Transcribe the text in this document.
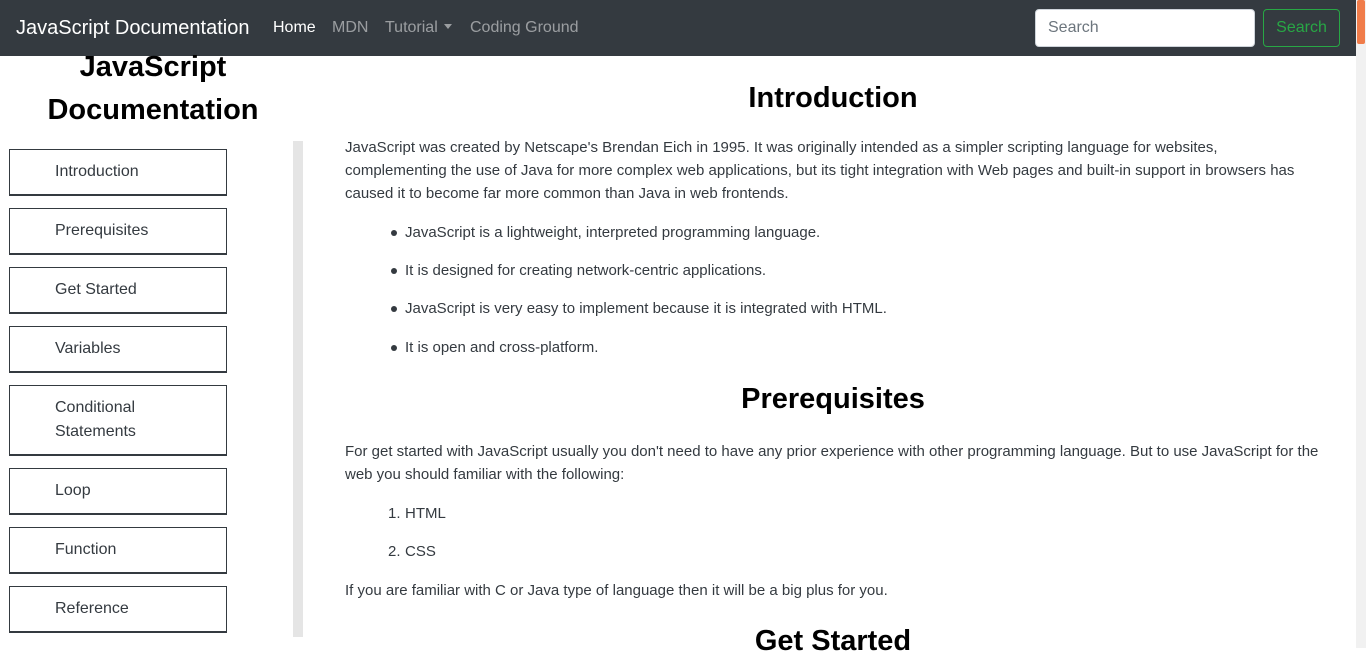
JavaScript Documentation Home MDN Tutorial	Coding Ground
Search	Search
JavaScript
Documentation
Introduction
Prerequisites
Get Started
Variables
Conditional Statements
Loop
Function
Reference
Introduction

JavaScript was created by Netscape's Brendan Eich in 1995. It was originally intended as a simpler scripting language for websites, complementing the use of Java for more complex web applications, but its tight integration with Web pages and built-in support in browsers has caused it to become far more common than Java in web frontends.

JavaScript is a lightweight, interpreted programming language.
It is designed for creating network-centric applications.
JavaScript is very easy to implement because it is integrated with HTML.
It is open and cross-platform.
Prerequisites

For get started with JavaScript usually you don't need to have any prior experience with other programming language. But to use JavaScript for the web you should familiar with the following:

1. HTML
2. CSS

If you are familiar with C or Java type of language then it will be a big plus for you.

Get Started
